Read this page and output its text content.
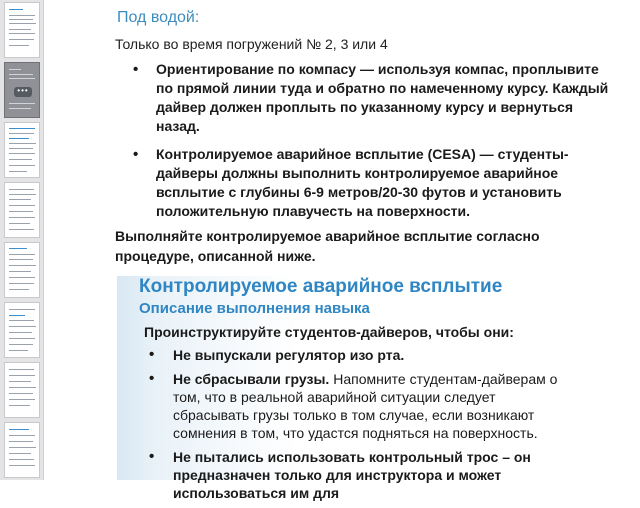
•••
Под водой:
Только во время погружений № 2, 3 или 4
• Ориентирование по компасу — используя компас, проплывите по прямой линии туда и обратно по намеченному курсу. Каждый дайвер должен проплыть по указанному курсу и вернуться назад.
• Контролируемое аварийное всплытие (CESA) — студенты-дайверы должны выполнить контролируемое аварийное всплытие с глубины 6-9 метров/20-30 футов и установить положительную плавучесть на поверхности.
Выполняйте контролируемое аварийное всплытие согласно процедуре, описанной ниже.
Контролируемое аварийное всплытие
Описание выполнения навыка
Проинструктируйте студентов-дайверов, чтобы они:
• Не выпускали регулятор изо рта.
• Не сбрасывали грузы. Напомните студентам-дайверам о том, что в реальной аварийной ситуации следует сбрасывать грузы только в том случае, если возникают сомнения в том, что удастся подняться на поверхность.
• Не пытались использовать контрольный трос – он предназначен только для инструктора и может использоваться им для
